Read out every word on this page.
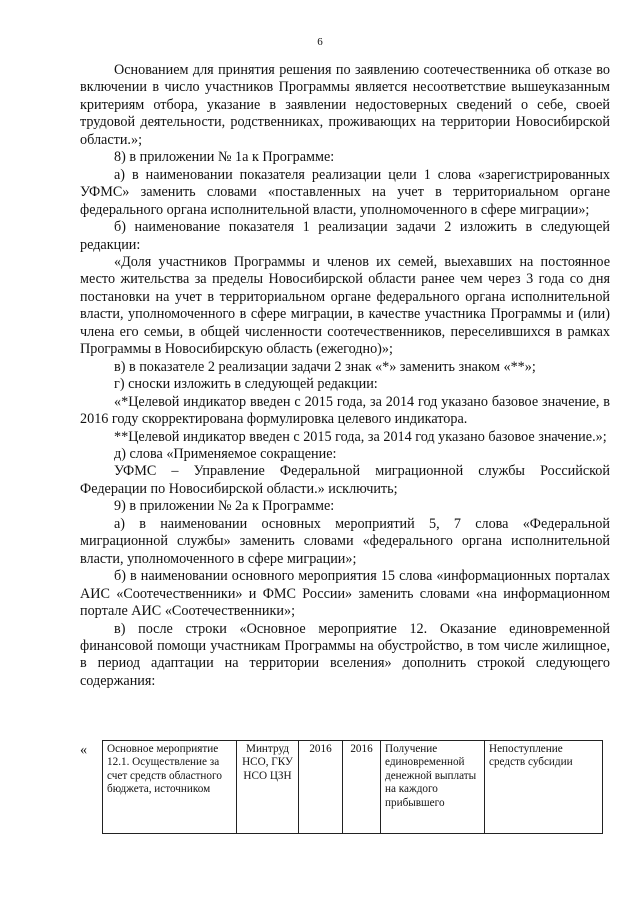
6

Основанием для принятия решения по заявлению соотечественника об отказе во включении в число участников Программы является несоответствие вышеуказанным критериям отбора, указание в заявлении недостоверных сведений о себе, своей трудовой деятельности, родственниках, проживающих на территории Новосибирской области.»;

8) в приложении № 1а к Программе:

а) в наименовании показателя реализации цели 1 слова «зарегистрированных УФМС» заменить словами «поставленных на учет в территориальном органе федерального органа исполнительной власти, уполномоченного в сфере миграции»;

б) наименование показателя 1 реализации задачи 2 изложить в следующей редакции:

«Доля участников Программы и членов их семей, выехавших на постоянное место жительства за пределы Новосибирской области ранее чем через 3 года со дня постановки на учет в территориальном органе федерального органа исполнительной власти, уполномоченного в сфере миграции, в качестве участника Программы и (или) члена его семьи, в общей численности соотечественников, переселившихся в рамках Программы в Новосибирскую область (ежегодно)»;

в) в показателе 2 реализации задачи 2 знак «*» заменить знаком «**»;

г) сноски изложить в следующей редакции:

«*Целевой индикатор введен с 2015 года, за 2014 год указано базовое значение, в 2016 году скорректирована формулировка целевого индикатора.

**Целевой индикатор введен с 2015 года, за 2014 год указано базовое значение.»;

д) слова «Применяемое сокращение:

УФМС – Управление Федеральной миграционной службы Российской Федерации по Новосибирской области.» исключить;

9) в приложении № 2а к Программе:

а) в наименовании основных мероприятий 5, 7 слова «Федеральной миграционной службы» заменить словами «федерального органа исполнительной власти, уполномоченного в сфере миграции»;

б) в наименовании основного мероприятия 15 слова «информационных порталах АИС «Соотечественники» и ФМС России» заменить словами «на информационном портале АИС «Соотечественники»;

в) после строки «Основное мероприятие 12. Оказание единовременной финансовой помощи участникам Программы на обустройство, в том числе жилищное, в период адаптации на территории вселения» дополнить строкой следующего содержания:

« Основное мероприятие 12.1. Осуществление за счет средств областного бюджета, источником	Минтруд НСО, ГКУ НСО ЦЗН	2016	2016	Получение единовременной денежной выплаты на каждого прибывшего	Непоступление средств субсидии
